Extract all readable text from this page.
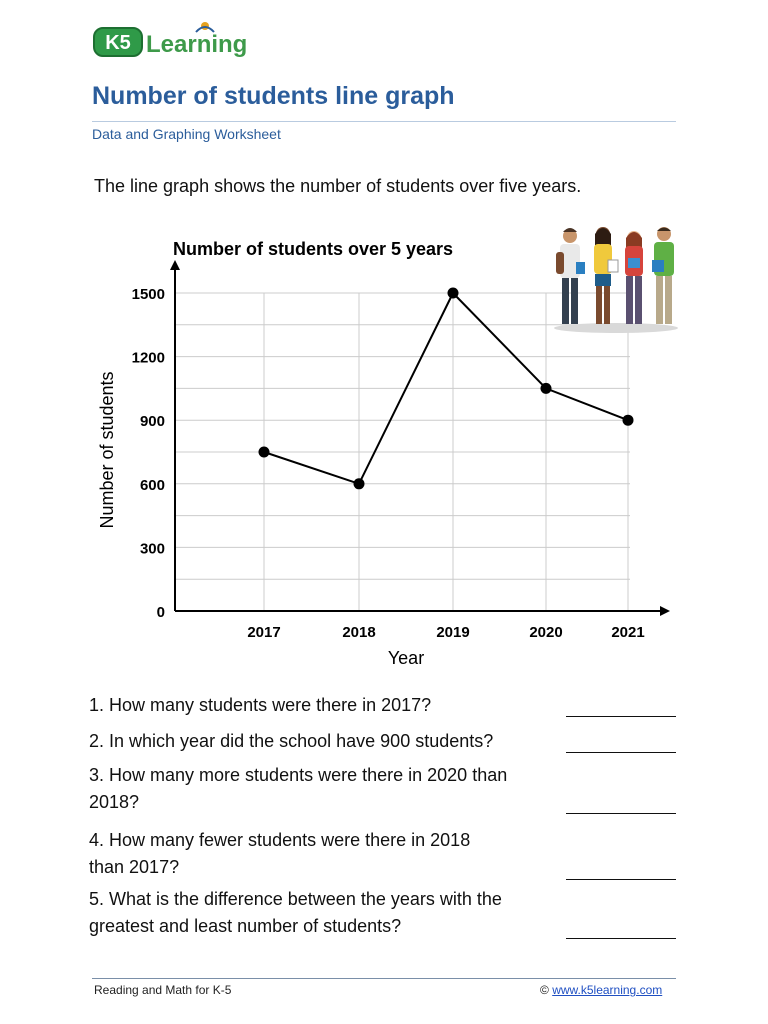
K5 Learning
Number of students line graph
Data and Graphing Worksheet
The line graph shows the number of students over five years.
Number of students over 5 years
0
300
600
900
1200
1500
2017	2018	2019	2020	2021
Year
Number of students
1. How many students were there in 2017?
2. In which year did the school have 900 students?
3. How many more students were there in 2020 than
2018?
4. How many fewer students were there in 2018
than 2017?
5. What is the difference between the years with the
greatest and least number of students?
Reading and Math for K-5	© www.k5learning.com
